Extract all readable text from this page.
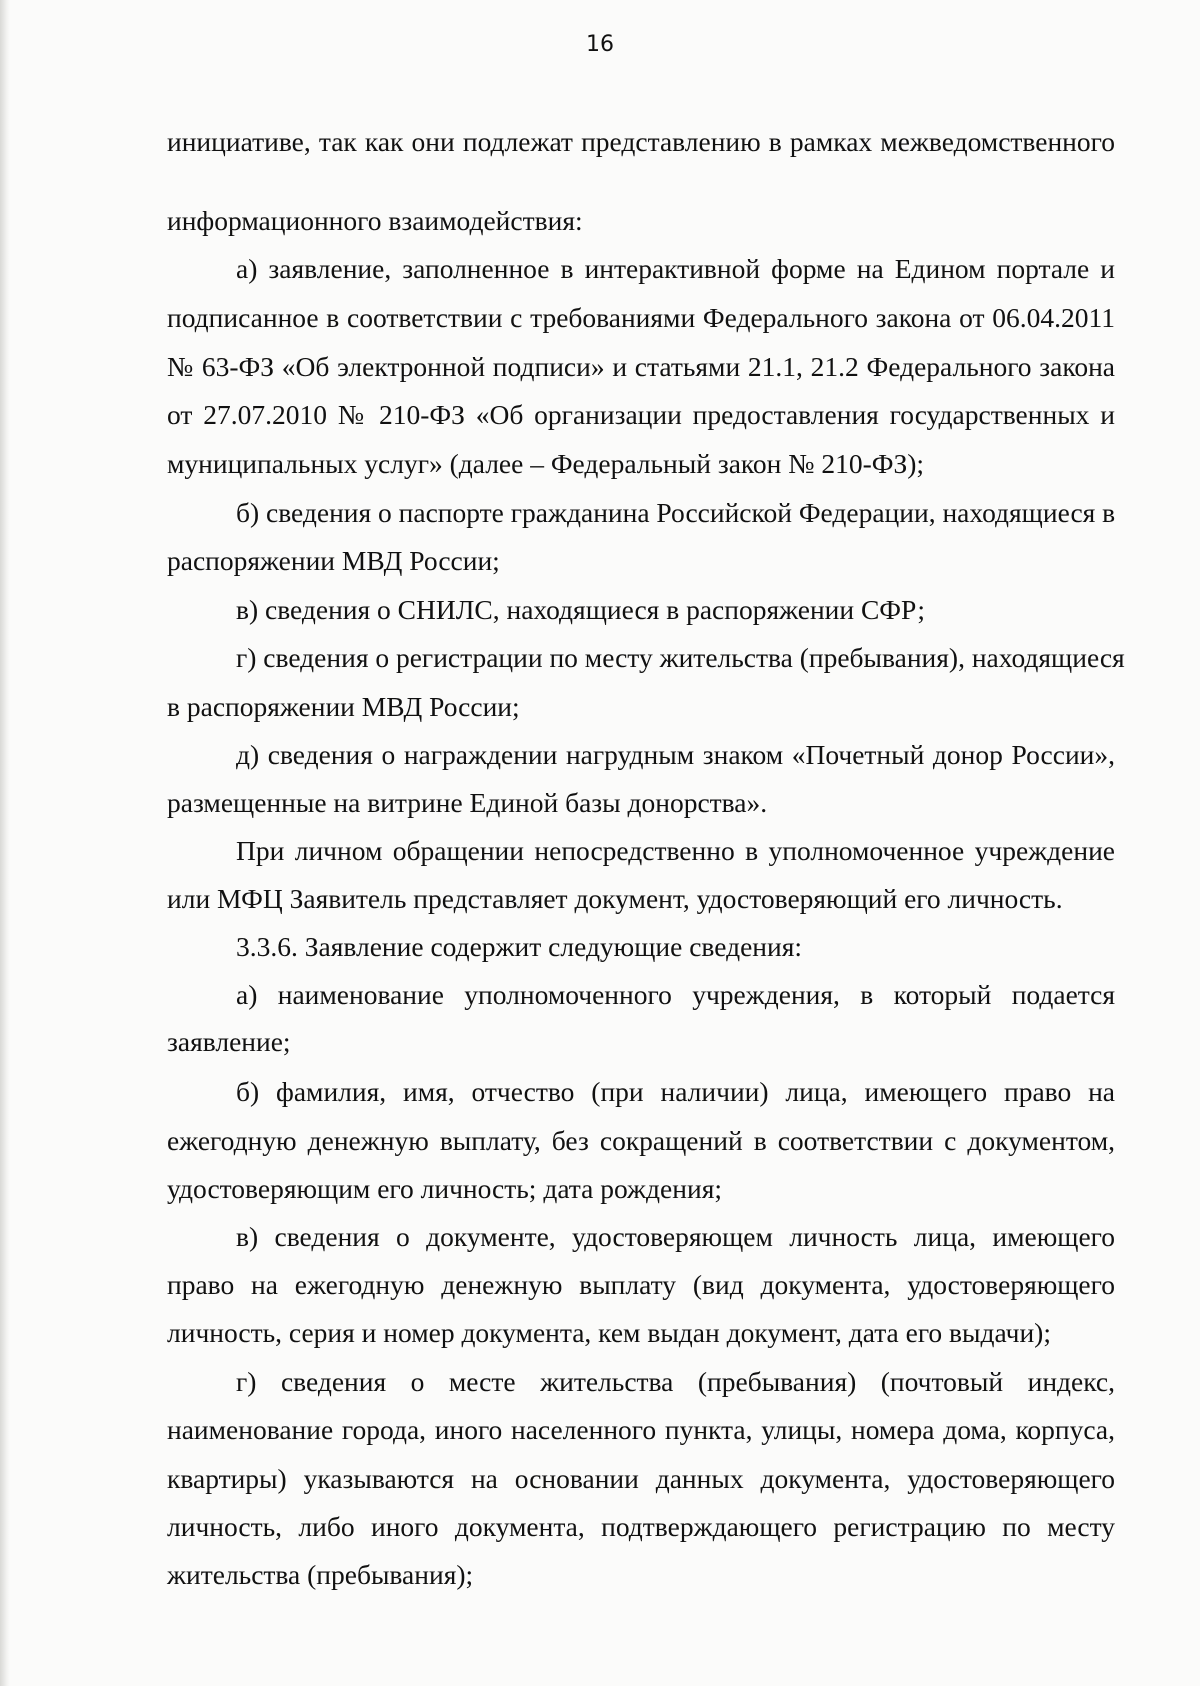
16

инициативе, так как они подлежат представлению в рамках межведомственного

информационного взаимодействия:

а) заявление, заполненное в интерактивной форме на Едином портале и

подписанное в соответствии с требованиями Федерального закона от 06.04.2011

№ 63-ФЗ «Об электронной подписи» и статьями 21.1, 21.2 Федерального закона

от 27.07.2010 № 210-ФЗ «Об организации предоставления государственных и

муниципальных услуг» (далее – Федеральный закон № 210-ФЗ);

б) сведения о паспорте гражданина Российской Федерации, находящиеся в

распоряжении МВД России;

в) сведения о СНИЛС, находящиеся в распоряжении СФР;

г) сведения о регистрации по месту жительства (пребывания), находящиеся

в распоряжении МВД России;

д) сведения о награждении нагрудным знаком «Почетный донор России»,

размещенные на витрине Единой базы донорства».

При личном обращении непосредственно в уполномоченное учреждение

или МФЦ Заявитель представляет документ, удостоверяющий его личность.

3.3.6. Заявление содержит следующие сведения:

а) наименование уполномоченного учреждения, в который подается

заявление;

б) фамилия, имя, отчество (при наличии) лица, имеющего право на

ежегодную денежную выплату, без сокращений в соответствии с документом,

удостоверяющим его личность; дата рождения;

в) сведения о документе, удостоверяющем личность лица, имеющего

право на ежегодную денежную выплату (вид документа, удостоверяющего

личность, серия и номер документа, кем выдан документ, дата его выдачи);

г) сведения о месте жительства (пребывания) (почтовый индекс,

наименование города, иного населенного пункта, улицы, номера дома, корпуса,

квартиры) указываются на основании данных документа, удостоверяющего

личность, либо иного документа, подтверждающего регистрацию по месту

жительства (пребывания);
